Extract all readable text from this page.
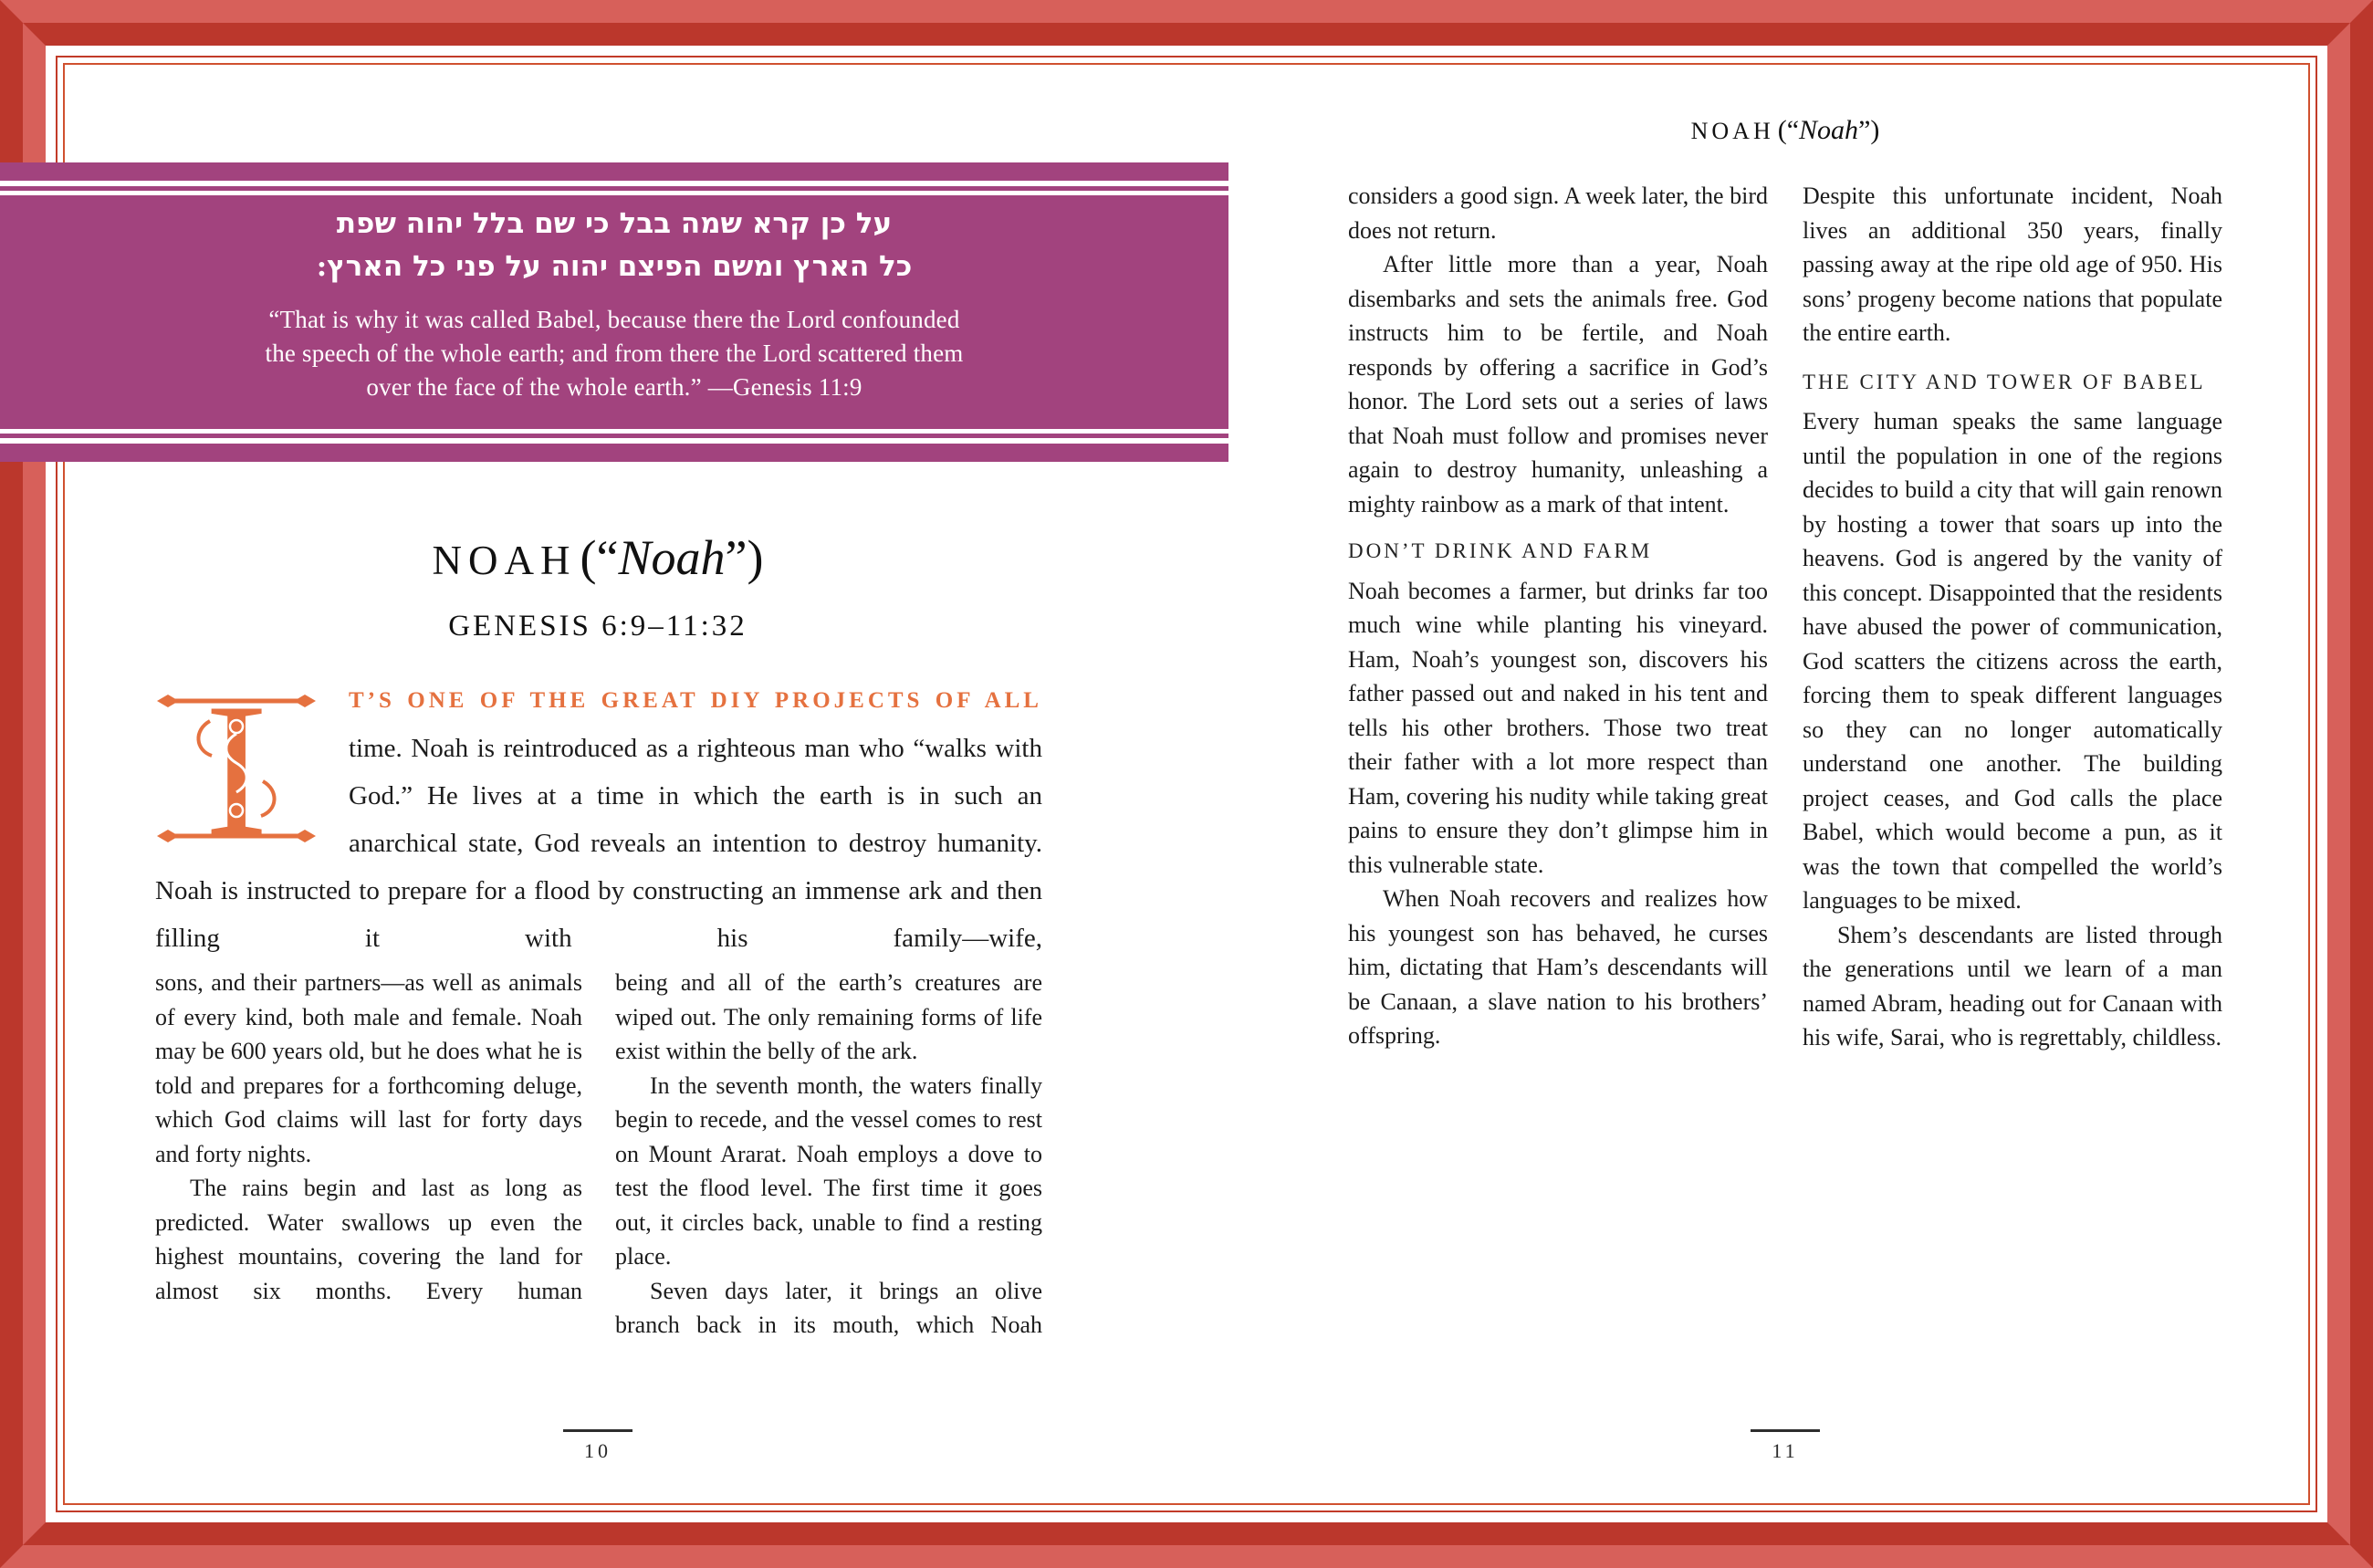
על כן קרא שמה בבל כי שם בלל יהוה שפת
כל הארץ ומשם הפיצם יהוה על פני כל הארץ:
“That is why it was called Babel, because there the Lord confounded
the speech of the whole earth; and from there the Lord scattered them
over the face of the whole earth.” —Genesis 11:9
NOAH (“Noah”)
GENESIS 6:9–11:32
I	T’S ONE OF THE GREAT DIY PROJECTS OF ALL
time. Noah is reintroduced as a righteous man who “walks with God.” He lives at a time in which the earth is in such an anarchical state, God reveals an intention to destroy humanity. Noah is instructed to prepare for a flood by constructing an immense ark and then filling it with his family—wife,

sons, and their partners—as well as animals of every kind, both male and female. Noah may be 600 years old, but he does what he is told and prepares for a forthcoming deluge, which God claims will last for forty days and forty nights.

The rains begin and last as long as predicted. Water swallows up even the highest mountains, covering the land for almost six months. Every human

being and all of the earth’s creatures are wiped out. The only remaining forms of life exist within the belly of the ark.

In the seventh month, the waters finally begin to recede, and the vessel comes to rest on Mount Ararat. Noah employs a dove to test the flood level. The first time it goes out, it circles back, unable to find a resting place.

Seven days later, it brings an olive branch back in its mouth, which Noah

NOAH (“Noah”)

considers a good sign. A week later, the bird does not return.

After little more than a year, Noah disembarks and sets the animals free. God instructs him to be fertile, and Noah responds by offering a sacrifice in God’s honor. The Lord sets out a series of laws that Noah must follow and promises never again to destroy humanity, unleashing a mighty rainbow as a mark of that intent.

DON’T DRINK AND FARM

Noah becomes a farmer, but drinks far too much wine while planting his vineyard. Ham, Noah’s youngest son, discovers his father passed out and naked in his tent and tells his other brothers. Those two treat their father with a lot more respect than Ham, covering his nudity while taking great pains to ensure they don’t glimpse him in this vulnerable state.

When Noah recovers and realizes how his youngest son has behaved, he curses him, dictating that Ham’s descendants will be Canaan, a slave nation to his brothers’ offspring.

Despite this unfortunate incident, Noah lives an additional 350 years, finally passing away at the ripe old age of 950. His sons’ progeny become nations that populate the entire earth.

THE CITY AND TOWER OF BABEL

Every human speaks the same language until the population in one of the regions decides to build a city that will gain renown by hosting a tower that soars up into the heavens. God is angered by the vanity of this concept. Disappointed that the residents have abused the power of communication, God scatters the citizens across the earth, forcing them to speak different languages so they can no longer automatically understand one another. The building project ceases, and God calls the place Babel, which would become a pun, as it was the town that compelled the world’s languages to be mixed.

Shem’s descendants are listed through the generations until we learn of a man named Abram, heading out for Canaan with his wife, Sarai, who is regrettably, childless.

10	11
